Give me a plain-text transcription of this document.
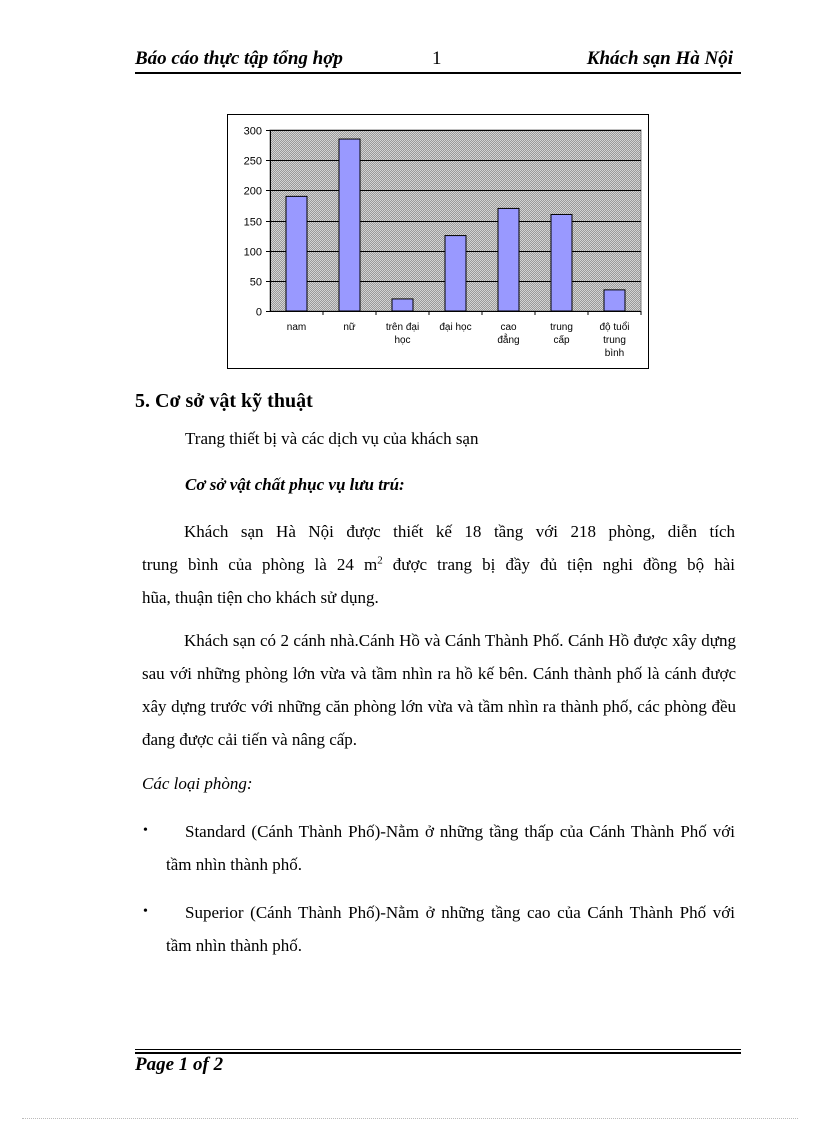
Báo cáo thực tập tổng hợp	1	Khách sạn Hà Nội
0
50
100
150
200
250
300
nam	nữ	trên đại
học
đại học	cao
đẳng
trung
cấp
độ tuổi
trung
bình
5. Cơ sở vật kỹ thuật
Trang thiết bị và các dịch vụ của khách sạn
Cơ sở vật chất phục vụ lưu trú:
Khách sạn Hà Nội được thiết kế 18 tầng với 218 phòng, diễn tích
trung bình của phòng là 24 $m^2$ được trang bị đầy đủ tiện nghi đồng bộ hài
hũa, thuận tiện cho khách sử dụng.
Khách sạn có 2 cánh nhà.Cánh Hồ và Cánh Thành Phố. Cánh Hồ được xây dựng sau với những phòng lớn vừa và tầm nhìn ra hồ kế bên. Cánh thành phố là cánh được xây dựng trước với những căn phòng lớn vừa và tầm nhìn ra thành phố, các phòng đều đang được cải tiến và nâng cấp.
Các loại phòng:
•	Standard (Cánh Thành Phố)-Nằm ở những tầng thấp của Cánh Thành Phố với tầm nhìn thành phố.
•	Superior (Cánh Thành Phố)-Nằm ở những tầng cao của Cánh Thành Phố với tầm nhìn thành phố.
Page 1 of 2
